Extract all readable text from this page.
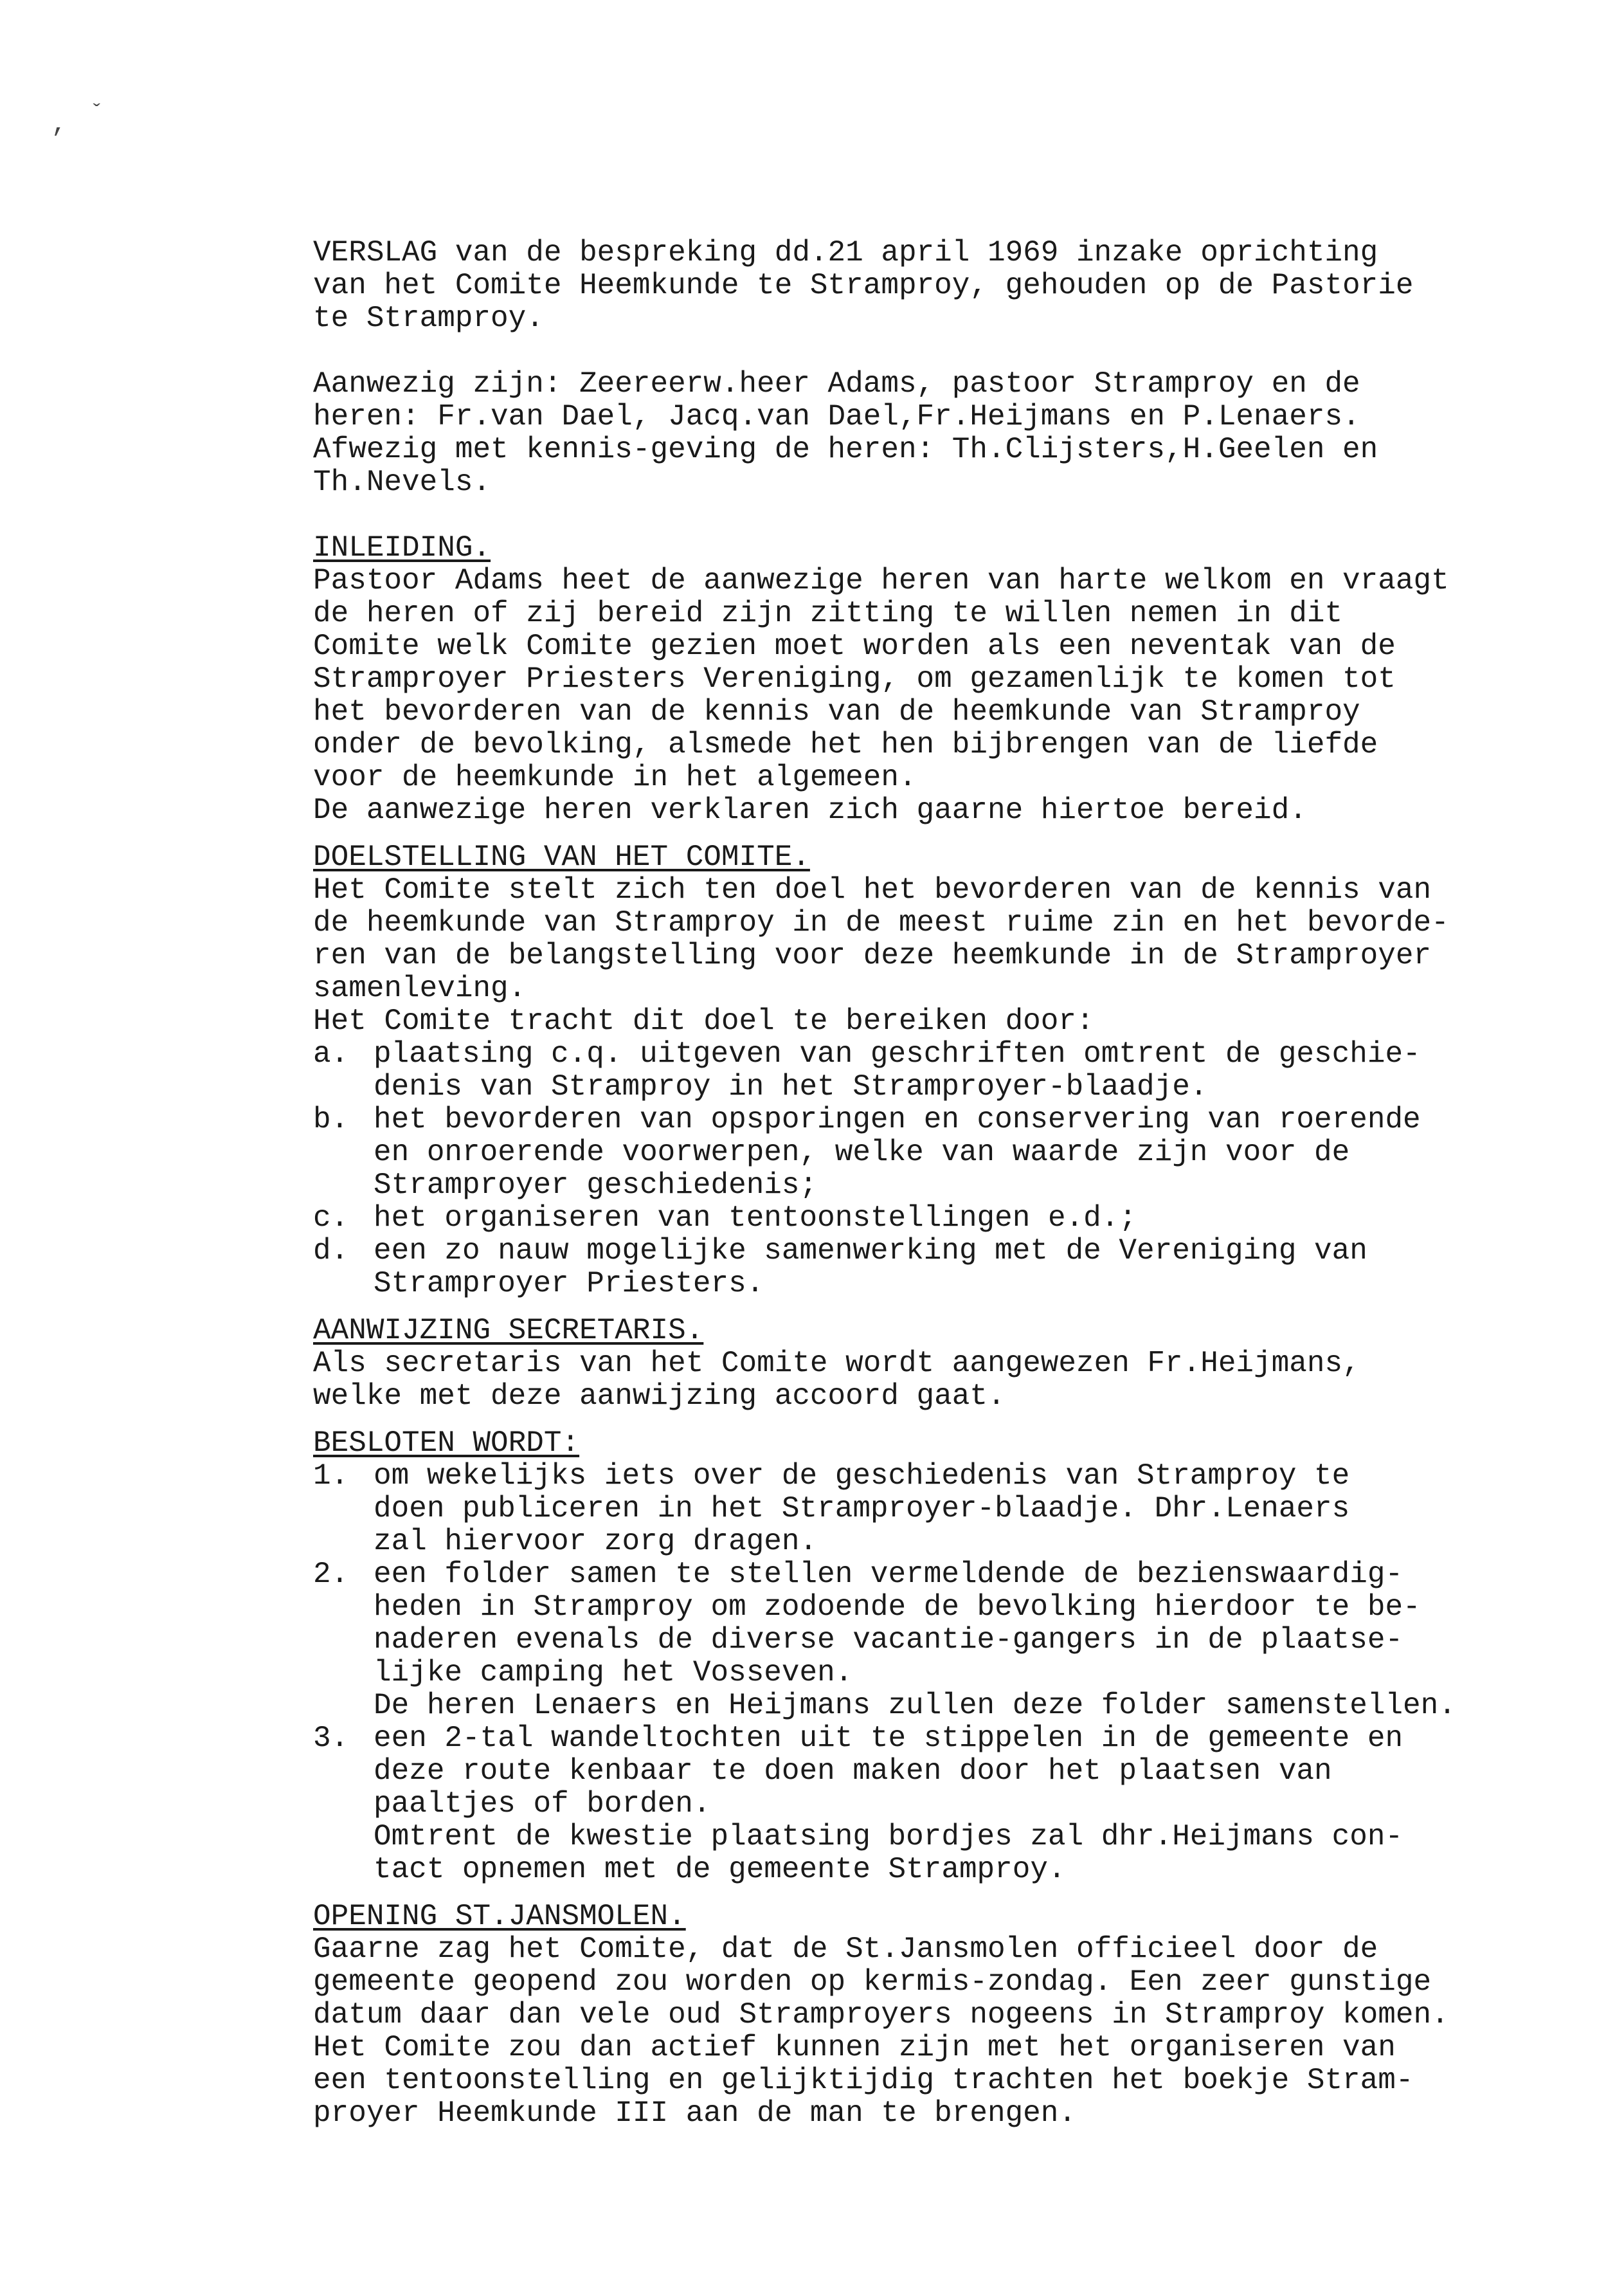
, ˇ
VERSLAG van de bespreking dd.21 april 1969 inzake oprichting
van het Comite Heemkunde te Stramproy, gehouden op de Pastorie
te Stramproy.
Aanwezig zijn: Zeereerw.heer Adams, pastoor Stramproy en de
heren: Fr.van Dael, Jacq.van Dael,Fr.Heijmans en P.Lenaers.
Afwezig met kennis-geving de heren: Th.Clijsters,H.Geelen en
Th.Nevels.
INLEIDING.
Pastoor Adams heet de aanwezige heren van harte welkom en vraagt
de heren of zij bereid zijn zitting te willen nemen in dit
Comite welk Comite gezien moet worden als een neventak van de
Stramproyer Priesters Vereniging, om gezamenlijk te komen tot
het bevorderen van de kennis van de heemkunde van Stramproy
onder de bevolking, alsmede het hen bijbrengen van de liefde
voor de heemkunde in het algemeen.
De aanwezige heren verklaren zich gaarne hiertoe bereid.
DOELSTELLING VAN HET COMITE.
Het Comite stelt zich ten doel het bevorderen van de kennis van
de heemkunde van Stramproy in de meest ruime zin en het bevorde-
ren van de belangstelling voor deze heemkunde in de Stramproyer
samenleving.
Het Comite tracht dit doel te bereiken door:
a. plaatsing c.q. uitgeven van geschriften omtrent de geschie-
denis van Stramproy in het Stramproyer-blaadje.
b. het bevorderen van opsporingen en conservering van roerende
en onroerende voorwerpen, welke van waarde zijn voor de
Stramproyer geschiedenis;
c. het organiseren van tentoonstellingen e.d.;
d. een zo nauw mogelijke samenwerking met de Vereniging van
Stramproyer Priesters.
AANWIJZING SECRETARIS.
Als secretaris van het Comite wordt aangewezen Fr.Heijmans,
welke met deze aanwijzing accoord gaat.
BESLOTEN WORDT:
1. om wekelijks iets over de geschiedenis van Stramproy te
doen publiceren in het Stramproyer-blaadje. Dhr.Lenaers
zal hiervoor zorg dragen.
2. een folder samen te stellen vermeldende de bezienswaardig-
heden in Stramproy om zodoende de bevolking hierdoor te be-
naderen evenals de diverse vacantie-gangers in de plaatse-
lijke camping het Vosseven.
De heren Lenaers en Heijmans zullen deze folder samenstellen.
3. een 2-tal wandeltochten uit te stippelen in de gemeente en
deze route kenbaar te doen maken door het plaatsen van
paaltjes of borden.
Omtrent de kwestie plaatsing bordjes zal dhr.Heijmans con-
tact opnemen met de gemeente Stramproy.
OPENING ST.JANSMOLEN.
Gaarne zag het Comite, dat de St.Jansmolen officieel door de
gemeente geopend zou worden op kermis-zondag. Een zeer gunstige
datum daar dan vele oud Stramproyers nogeens in Stramproy komen.
Het Comite zou dan actief kunnen zijn met het organiseren van
een tentoonstelling en gelijktijdig trachten het boekje Stram-
proyer Heemkunde III aan de man te brengen.
